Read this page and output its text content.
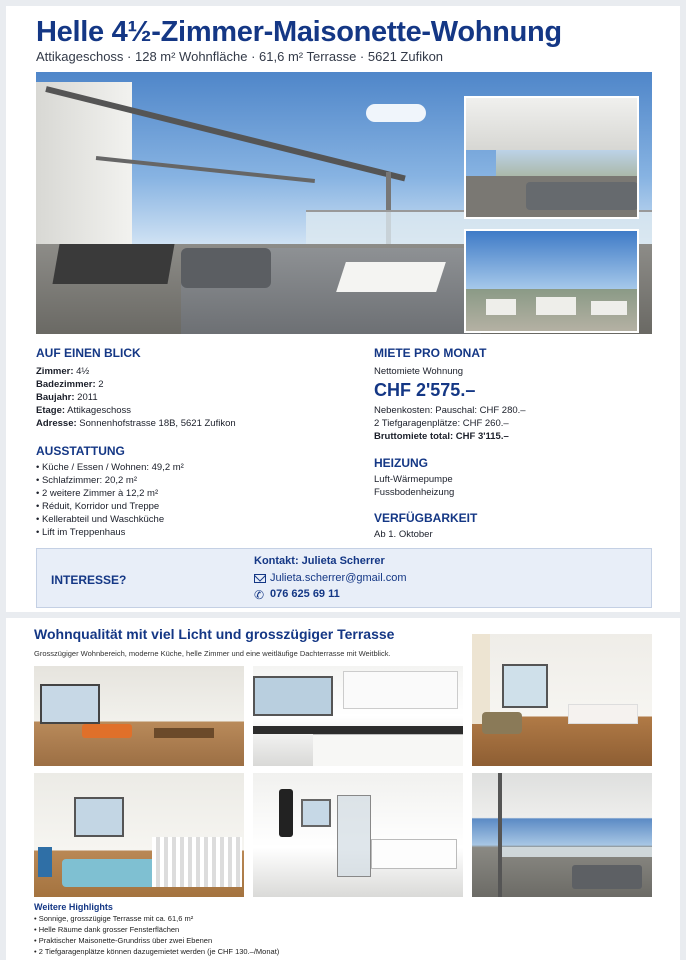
Helle 4½-Zimmer-Maisonette-Wohnung
Attikageschoss · 128 m² Wohnfläche · 61,6 m² Terrasse · 5621 Zufikon
AUF EINEN BLICK
Zimmer: 4½
Badezimmer: 2
Baujahr: 2011
Etage: Attikageschoss
Adresse: Sonnenhofstrasse 18B, 5621 Zufikon
AUSSTATTUNG
• Küche / Essen / Wohnen: 49,2 m²
• Schlafzimmer: 20,2 m²
• 2 weitere Zimmer à 12,2 m²
• Réduit, Korridor und Treppe
• Kellerabteil und Waschküche
• Lift im Treppenhaus
MIETE PRO MONAT
Nettomiete Wohnung
CHF 2'575.–
Nebenkosten: Pauschal: CHF 280.–
2 Tiefgaragenplätze: CHF 260.–
Bruttomiete total: CHF 3'115.–
HEIZUNG
Luft-Wärmepumpe
Fussbodenheizung
VERFÜGBARKEIT
Ab 1. Oktober
INTERESSE?
Kontakt: Julieta Scherrer
Julieta.scherrer@gmail.com
✆ 076 625 69 11
Wohnqualität mit viel Licht und grosszügiger Terrasse
Grosszügiger Wohnbereich, moderne Küche, helle Zimmer und eine weitläufige Dachterrasse mit Weitblick.
Weitere Highlights
• Sonnige, grosszügige Terrasse mit ca. 61,6 m²
• Helle Räume dank grosser Fensterflächen
• Praktischer Maisonette-Grundriss über zwei Ebenen
• 2 Tiefgaragenplätze können dazugemietet werden (je CHF 130.–/Monat)
